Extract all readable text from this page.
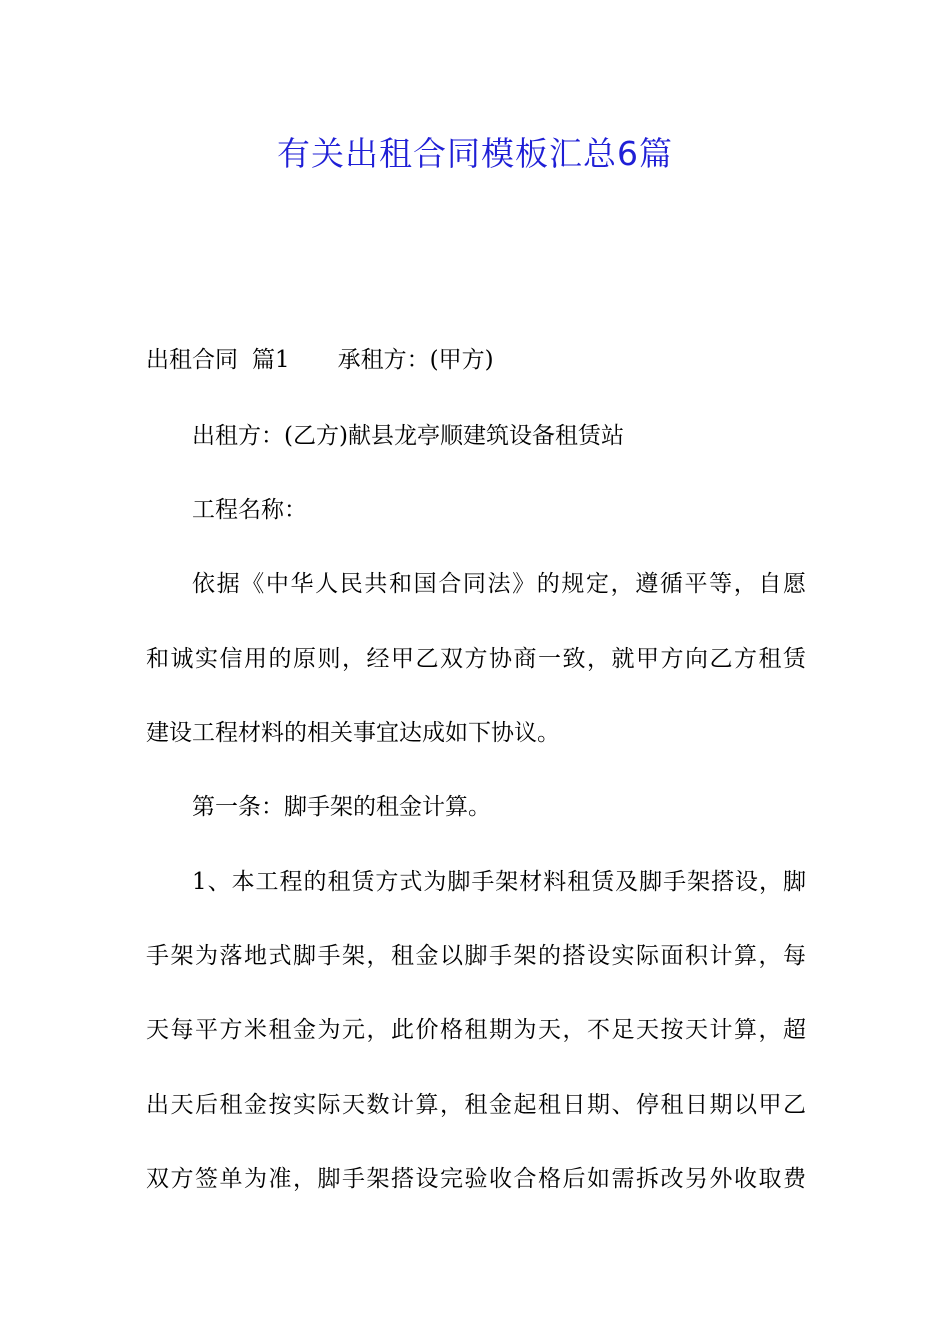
有关出租合同模板汇总6篇
出租合同 篇1 承租方：(甲方)
出租方：(乙方)献县龙亭顺建筑设备租赁站
工程名称：
依据《中华人民共和国合同法》的规定，遵循平等，自愿
和诚实信用的原则，经甲乙双方协商一致，就甲方向乙方租赁
建设工程材料的相关事宜达成如下协议。
第一条：脚手架的租金计算。
1、本工程的租赁方式为脚手架材料租赁及脚手架搭设，脚
手架为落地式脚手架，租金以脚手架的搭设实际面积计算，每
天每平方米租金为元，此价格租期为天，不足天按天计算，超
出天后租金按实际天数计算，租金起租日期、停租日期以甲乙
双方签单为准，脚手架搭设完验收合格后如需拆改另外收取费
